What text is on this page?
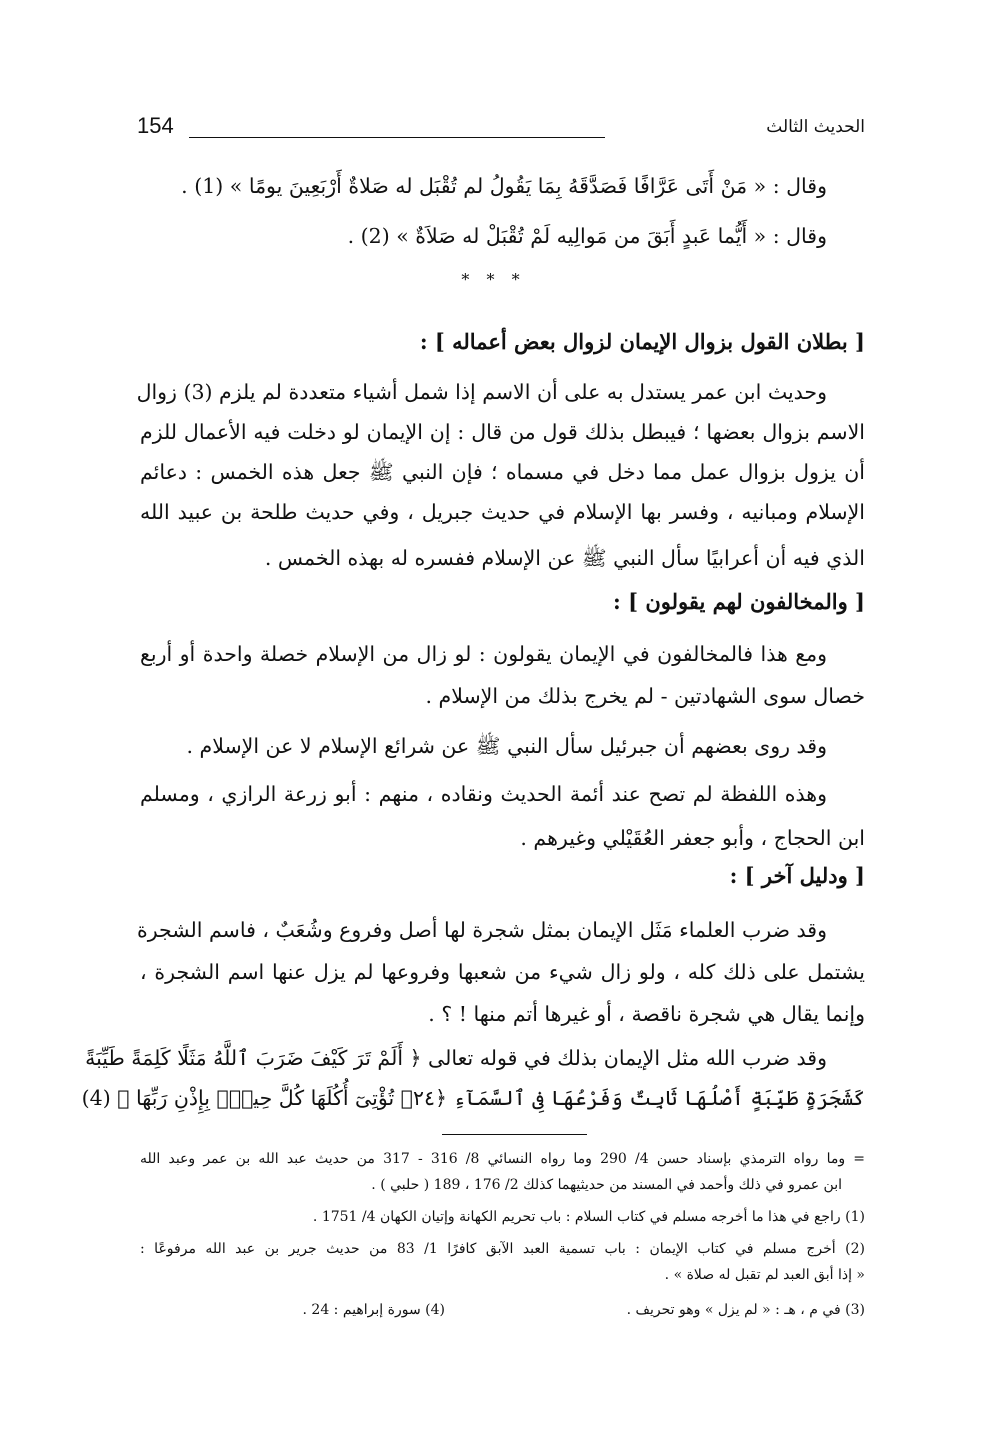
الحديث الثالث
154
وقال : « مَنْ أَتَى عَرَّافًا فَصَدَّقَهُ بِمَا يَقُولُ لم تُقْبَل له صَلاةٌ أَرْبَعِينَ يومًا » (1) .
وقال : « أَيُّما عَبدٍ أَبَقَ من مَوالِيه لَمْ تُقْبَلْ له صَلاَةٌ » (2) .
* * *
[ بطلان القول بزوال الإيمان لزوال بعض أعماله ] :
وحديث ابن عمر يستدل به على أن الاسم إذا شمل أشياء متعددة لم يلزم (3) زوال
الاسم بزوال بعضها ؛ فيبطل بذلك قول من قال : إن الإيمان لو دخلت فيه الأعمال للزم
أن يزول بزوال عمل مما دخل في مسماه ؛ فإن النبي ﷺ جعل هذه الخمس : دعائم
الإسلام ومبانيه ، وفسر بها الإسلام في حديث جبريل ، وفي حديث طلحة بن عبيد الله
الذي فيه أن أعرابيًا سأل النبي ﷺ عن الإسلام ففسره له بهذه الخمس .
[ والمخالفون لهم يقولون ] :
ومع هذا فالمخالفون في الإيمان يقولون : لو زال من الإسلام خصلة واحدة أو أربع
خصال سوى الشهادتين - لم يخرج بذلك من الإسلام .
وقد روى بعضهم أن جبرئيل سأل النبي ﷺ عن شرائع الإسلام لا عن الإسلام .
وهذه اللفظة لم تصح عند أئمة الحديث ونقاده ، منهم : أبو زرعة الرازي ، ومسلم
ابن الحجاج ، وأبو جعفر العُقَيْلي وغيرهم .
[ ودليل آخر ] :
وقد ضرب العلماء مَثَل الإيمان بمثل شجرة لها أصل وفروع وشُعَبٌ ، فاسم الشجرة
يشتمل على ذلك كله ، ولو زال شيء من شعبها وفروعها لم يزل عنها اسم الشجرة ،
وإنما يقال هي شجرة ناقصة ، أو غيرها أتم منها ! ؟ .
وقد ضرب الله مثل الإيمان بذلك في قوله تعالى ﴿ أَلَمْ تَرَ كَيْفَ ضَرَبَ ٱللَّهُ مَثَلًا كَلِمَةً طَيِّبَةً
كَشَجَرَةٍ طَيِّبَةٍ أَصْلُهَا ثَابِتٌ وَفَرْعُهَا فِى ٱلسَّمَآءِ ﴿٢٤﴾ تُؤْتِىٓ أُكُلَهَا كُلَّ حِينٍۭ بِإِذْنِ رَبِّهَا ﴾ (4)
= وما رواه الترمذي بإسناد حسن 4/ 290 وما رواه النسائي 8/ 316 - 317 من حديث عبد الله بن عمر وعبد الله
ابن عمرو في ذلك وأحمد في المسند من حديثيهما كذلك 2/ 176 ، 189 ( حلبي ) .
(1) راجع في هذا ما أخرجه مسلم في كتاب السلام : باب تحريم الكهانة وإتيان الكهان 4/ 1751 .
(2) أخرج مسلم في كتاب الإيمان : باب تسمية العبد الآبق كافرًا 1/ 83 من حديث جرير بن عبد الله مرفوعًا :
« إذا أبق العبد لم تقبل له صلاة » .
(3) في م ، هـ : « لم يزل » وهو تحريف .
(4) سورة إبراهيم : 24 .
